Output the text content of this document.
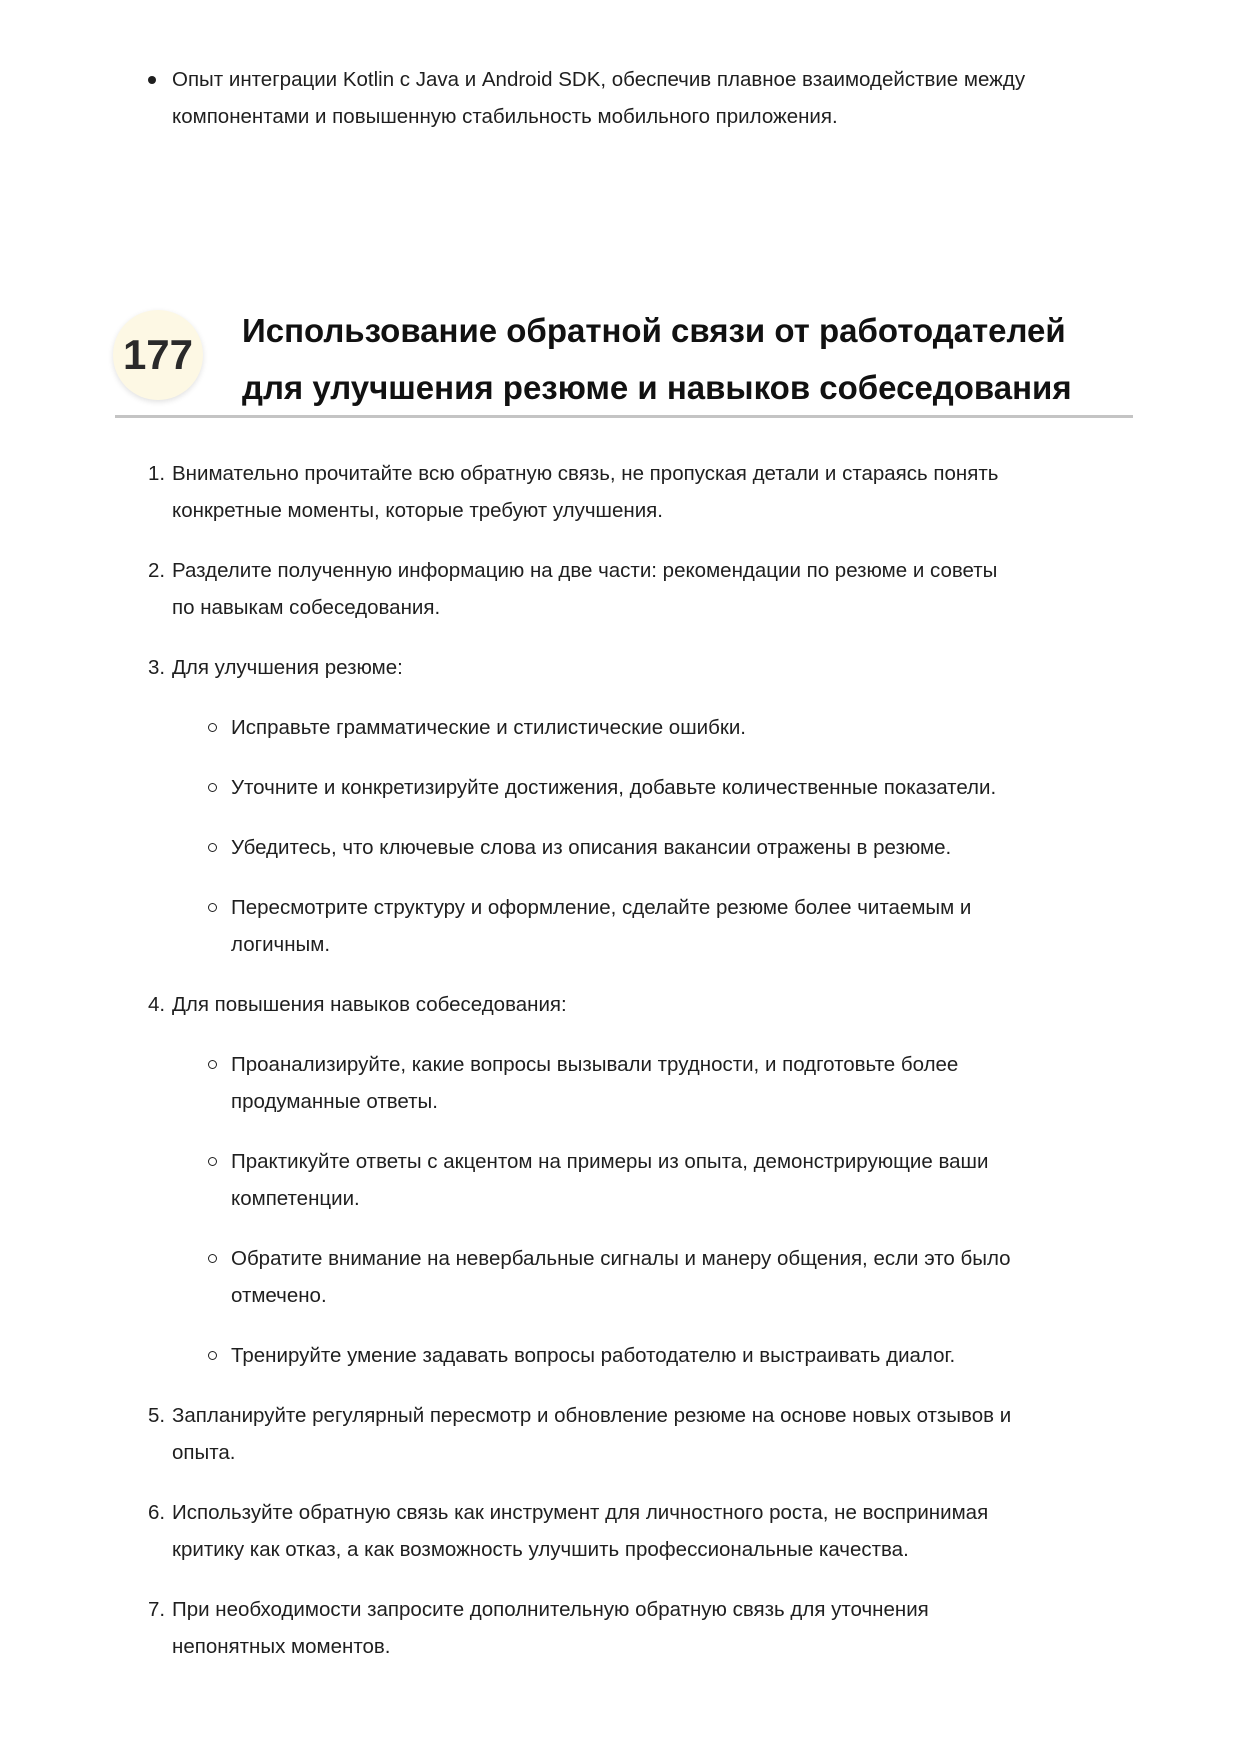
Опыт интеграции Kotlin с Java и Android SDK, обеспечив плавное взаимодействие между
компонентами и повышенную стабильность мобильного приложения.
177
Использование обратной связи от работодателей
для улучшения резюме и навыков собеседования
1. Внимательно прочитайте всю обратную связь, не пропуская детали и стараясь понять
конкретные моменты, которые требуют улучшения.
2. Разделите полученную информацию на две части: рекомендации по резюме и советы
по навыкам собеседования.
3. Для улучшения резюме:
Исправьте грамматические и стилистические ошибки.
Уточните и конкретизируйте достижения, добавьте количественные показатели.
Убедитесь, что ключевые слова из описания вакансии отражены в резюме.
Пересмотрите структуру и оформление, сделайте резюме более читаемым и
логичным.
4. Для повышения навыков собеседования:
Проанализируйте, какие вопросы вызывали трудности, и подготовьте более
продуманные ответы.
Практикуйте ответы с акцентом на примеры из опыта, демонстрирующие ваши
компетенции.
Обратите внимание на невербальные сигналы и манеру общения, если это было
отмечено.
Тренируйте умение задавать вопросы работодателю и выстраивать диалог.
5. Запланируйте регулярный пересмотр и обновление резюме на основе новых отзывов и
опыта.
6. Используйте обратную связь как инструмент для личностного роста, не воспринимая
критику как отказ, а как возможность улучшить профессиональные качества.
7. При необходимости запросите дополнительную обратную связь для уточнения
непонятных моментов.
